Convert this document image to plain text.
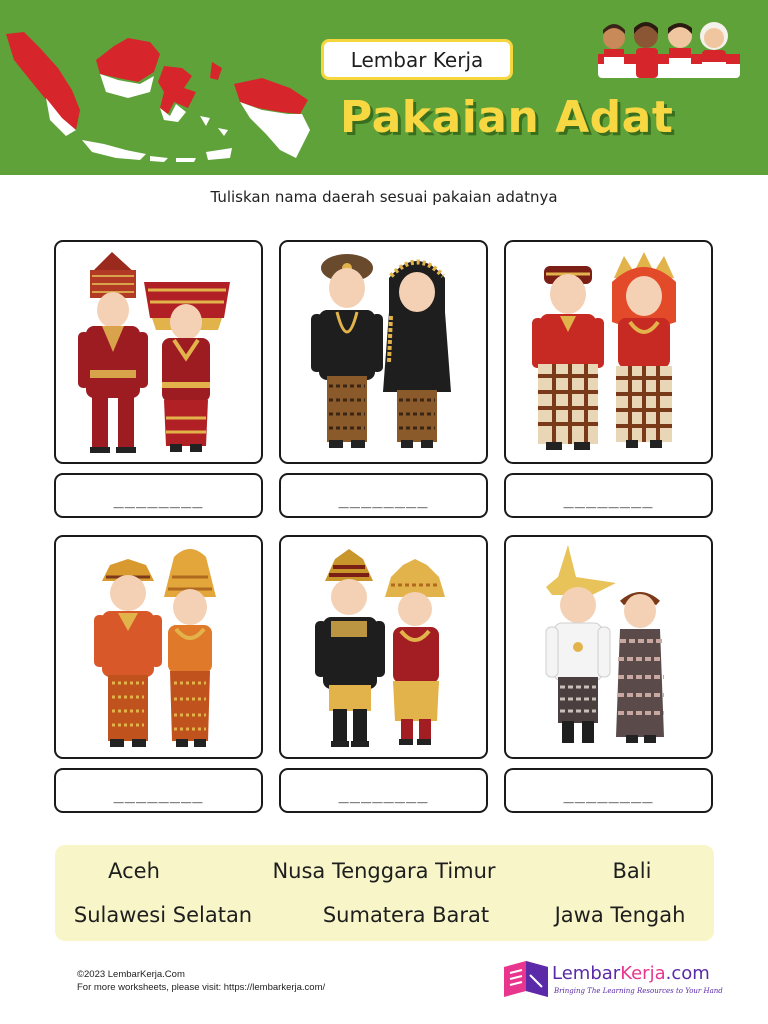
Lembar Kerja
Pakaian Adat
Tuliskan nama daerah sesuai pakaian adatnya
________	________	________
________	________	________
Aceh	Nusa Tenggara Timur	Bali
Sulawesi Selatan	Sumatera Barat	Jawa Tengah
©2023 LembarKerja.Com
For more worksheets, please visit: https://lembarkerja.com/
LembarKerja.com
Bringing The Learning Resources to Your Hand
